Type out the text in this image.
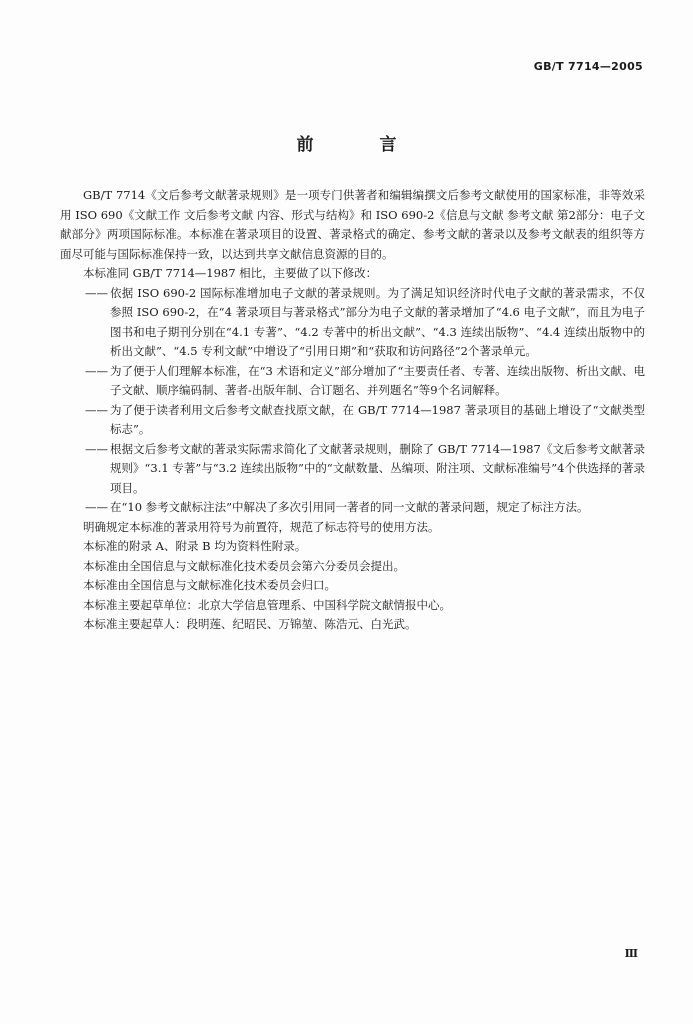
GB/T 7714—2005
前 言

GB/T 7714《文后参考文献著录规则》是一项专门供著者和编辑编撰文后参考文献使用的国家标准，非等效采用 ISO 690《文献工作 文后参考文献 内容、形式与结构》和 ISO 690-2《信息与文献 参考文献 第2部分：电子文献部分》两项国际标准。本标准在著录项目的设置、著录格式的确定、参考文献的著录以及参考文献表的组织等方面尽可能与国际标准保持一致，以达到共享文献信息资源的目的。

本标准同 GB/T 7714—1987 相比，主要做了以下修改：

—— 依据 ISO 690-2 国际标准增加电子文献的著录规则。为了满足知识经济时代电子文献的著录需求，不仅参照 ISO 690-2，在“4 著录项目与著录格式”部分为电子文献的著录增加了“4.6 电子文献”，而且为电子图书和电子期刊分别在“4.1 专著”、“4.2 专著中的析出文献”、“4.3 连续出版物”、“4.4 连续出版物中的析出文献”、“4.5 专利文献”中增设了“引用日期”和“获取和访问路径”2个著录单元。
—— 为了便于人们理解本标准，在“3 术语和定义”部分增加了“主要责任者、专著、连续出版物、析出文献、电子文献、顺序编码制、著者-出版年制、合订题名、并列题名”等9个名词解释。
—— 为了便于读者利用文后参考文献查找原文献，在 GB/T 7714—1987 著录项目的基础上增设了“文献类型标志”。
—— 根据文后参考文献的著录实际需求简化了文献著录规则，删除了 GB/T 7714—1987《文后参考文献著录规则》“3.1 专著”与“3.2 连续出版物”中的“文献数量、丛编项、附注项、文献标准编号”4个供选择的著录项目。
—— 在“10 参考文献标注法”中解决了多次引用同一著者的同一文献的著录问题，规定了标注方法。

明确规定本标准的著录用符号为前置符，规范了标志符号的使用方法。

本标准的附录 A、附录 B 均为资料性附录。

本标准由全国信息与文献标准化技术委员会第六分委员会提出。

本标准由全国信息与文献标准化技术委员会归口。

本标准主要起草单位：北京大学信息管理系、中国科学院文献情报中心。

本标准主要起草人：段明莲、纪昭民、万锦堃、陈浩元、白光武。

Ⅲ
